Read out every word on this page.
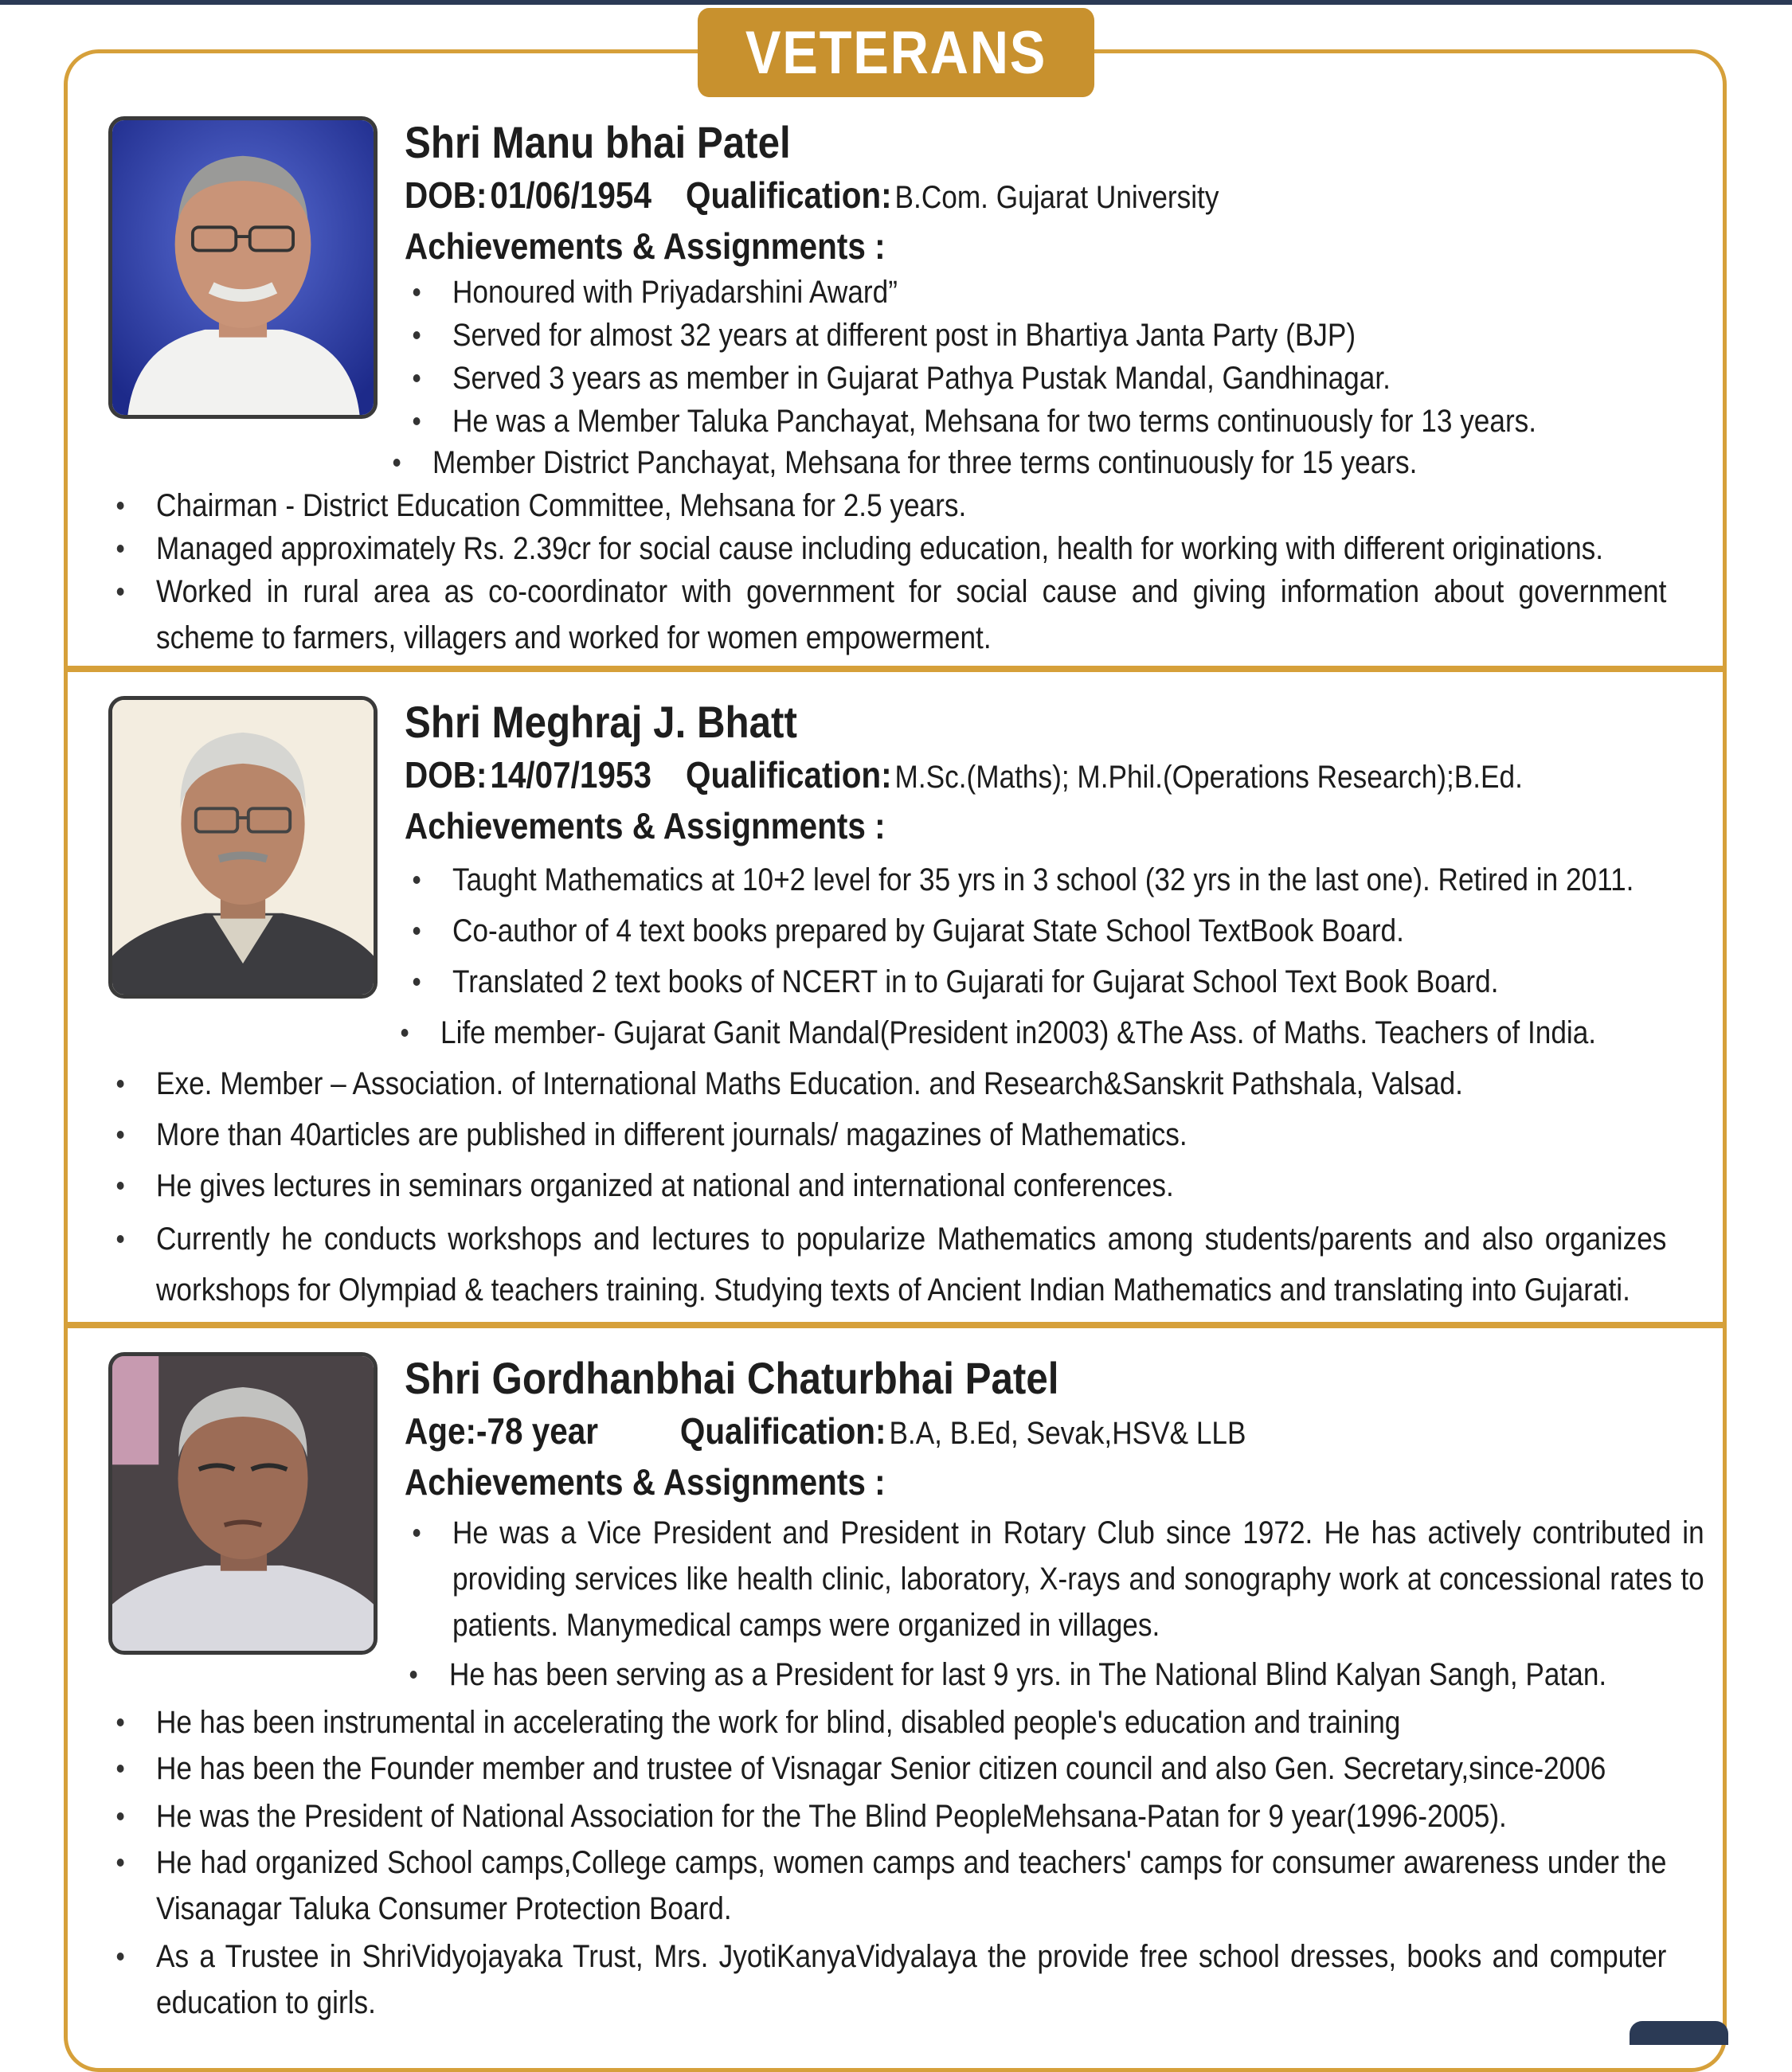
VETERANS
Shri Manu bhai Patel
DOB: 01/06/1954 Qualification: B.Com. Gujarat University
Achievements & Assignments :
Honoured with Priyadarshini Award”
Served for almost 32 years at different post in Bhartiya Janta Party (BJP)
Served 3 years as member in Gujarat Pathya Pustak Mandal, Gandhinagar.
He was a Member Taluka Panchayat, Mehsana for two terms continuously for 13 years.
Member District Panchayat, Mehsana for three terms continuously for 15 years.
Chairman - District Education Committee, Mehsana for 2.5 years.
Managed approximately Rs. 2.39cr for social cause including education, health for working with different originations.
Worked in rural area as co-coordinator with government for social cause and giving information about government scheme to farmers, villagers and worked for women empowerment.
Shri Meghraj J. Bhatt
DOB: 14/07/1953 Qualification: M.Sc.(Maths); M.Phil.(Operations Research);B.Ed.
Achievements & Assignments :
Taught Mathematics at 10+2 level for 35 yrs in 3 school (32 yrs in the last one). Retired in 2011.
Co-author of 4 text books prepared by Gujarat State School TextBook Board.
Translated 2 text books of NCERT in to Gujarati for Gujarat School Text Book Board.
Life member- Gujarat Ganit Mandal(President in2003) &The Ass. of Maths. Teachers of India.
Exe. Member – Association. of International Maths Education. and Research&Sanskrit Pathshala, Valsad.
More than 40articles are published in different journals/ magazines of Mathematics.
He gives lectures in seminars organized at national and international conferences.
Currently he conducts workshops and lectures to popularize Mathematics among students/parents and also organizes workshops for Olympiad & teachers training. Studying texts of Ancient Indian Mathematics and translating into Gujarati.
Shri Gordhanbhai Chaturbhai Patel
Age:-78 year Qualification: B.A, B.Ed, Sevak,HSV& LLB
Achievements & Assignments :
He was a Vice President and President in Rotary Club since 1972. He has actively contributed in providing services like health clinic, laboratory, X-rays and sonography work at concessional rates to patients. Manymedical camps were organized in villages.
He has been serving as a President for last 9 yrs. in The National Blind Kalyan Sangh, Patan.
He has been instrumental in accelerating the work for blind, disabled people's education and training
He has been the Founder member and trustee of Visnagar Senior citizen council and also Gen. Secretary,since-2006
He was the President of National Association for the The Blind PeopleMehsana-Patan for 9 year(1996-2005).
He had organized School camps,College camps, women camps and teachers' camps for consumer awareness under the Visanagar Taluka Consumer Protection Board.
As a Trustee in ShriVidyojayaka Trust, Mrs. JyotiKanyaVidyalaya the provide free school dresses, books and computer education to girls.
